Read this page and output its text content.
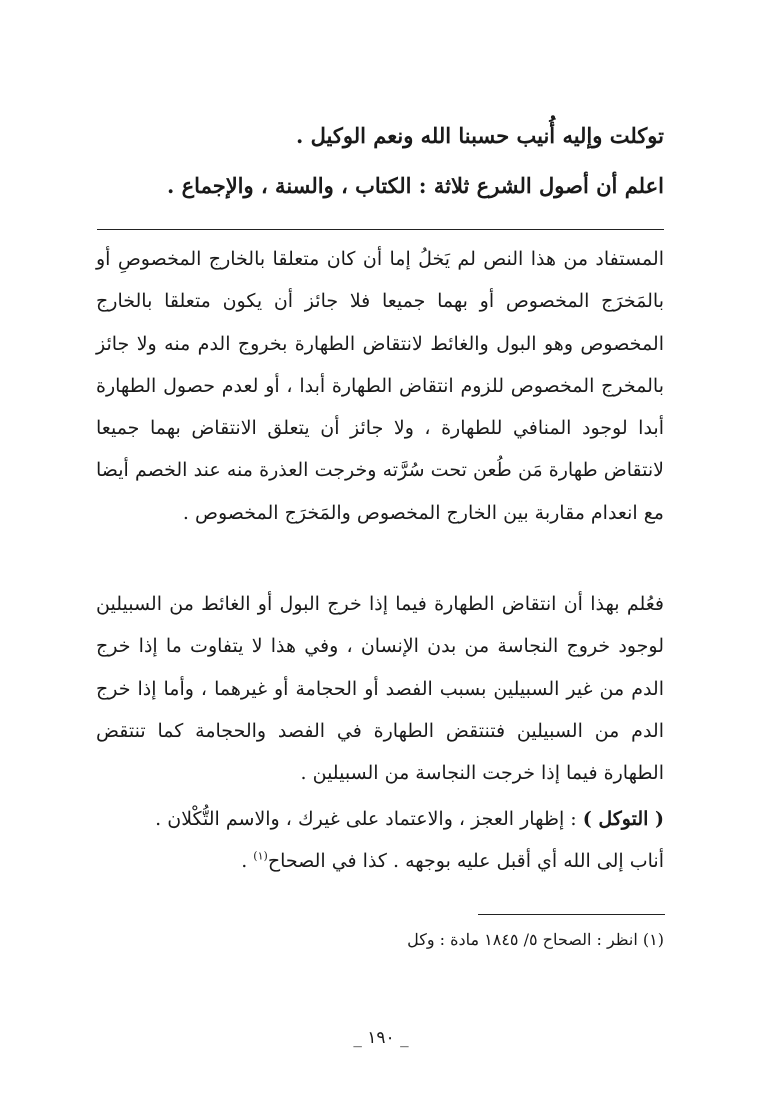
توكلت وإليه أُنيب حسبنا الله ونعم الوكيل .
اعلم أن أصول الشرع ثلاثة : الكتاب ، والسنة ، والإجماع .
المستفاد من هذا النص لم يَخلُ إما أن كان متعلقا بالخارج المخصوصِ أو بالمَخرَج المخصوص أو بهما جميعا فلا جائز أن يكون متعلقا بالخارج المخصوص وهو البول والغائط لانتقاض الطهارة بخروج الدم منه ولا جائز بالمخرج المخصوص للزوم انتقاض الطهارة أبدا ، أو لعدم حصول الطهارة أبدا لوجود المنافي للطهارة ، ولا جائز أن يتعلق الانتقاض بهما جميعا لانتقاض طهارة مَن طُعن تحت سُرَّته وخرجت العذرة منه عند الخصم أيضا مع انعدام مقاربة بين الخارج المخصوص والمَخرَج المخصوص .
فعُلم بهذا أن انتقاض الطهارة فيما إذا خرج البول أو الغائط من السبيلين لوجود خروج النجاسة من بدن الإنسان ، وفي هذا لا يتفاوت ما إذا خرج الدم من غير السبيلين بسبب الفصد أو الحجامة أو غيرهما ، وأما إذا خرج الدم من السبيلين فتنتقض الطهارة في الفصد والحجامة كما تنتقض الطهارة فيما إذا خرجت النجاسة من السبيلين .
( التوكل ) : إظهار العجز ، والاعتماد على غيرك ، والاسم التُّكْلان .
أناب إلى الله أي أقبل عليه بوجهه . كذا في الصحاح$^{(١)}$ .
(١) انظر : الصحاح ٥/ ١٨٤٥ مادة : وكل
_ ١٩٠ _
